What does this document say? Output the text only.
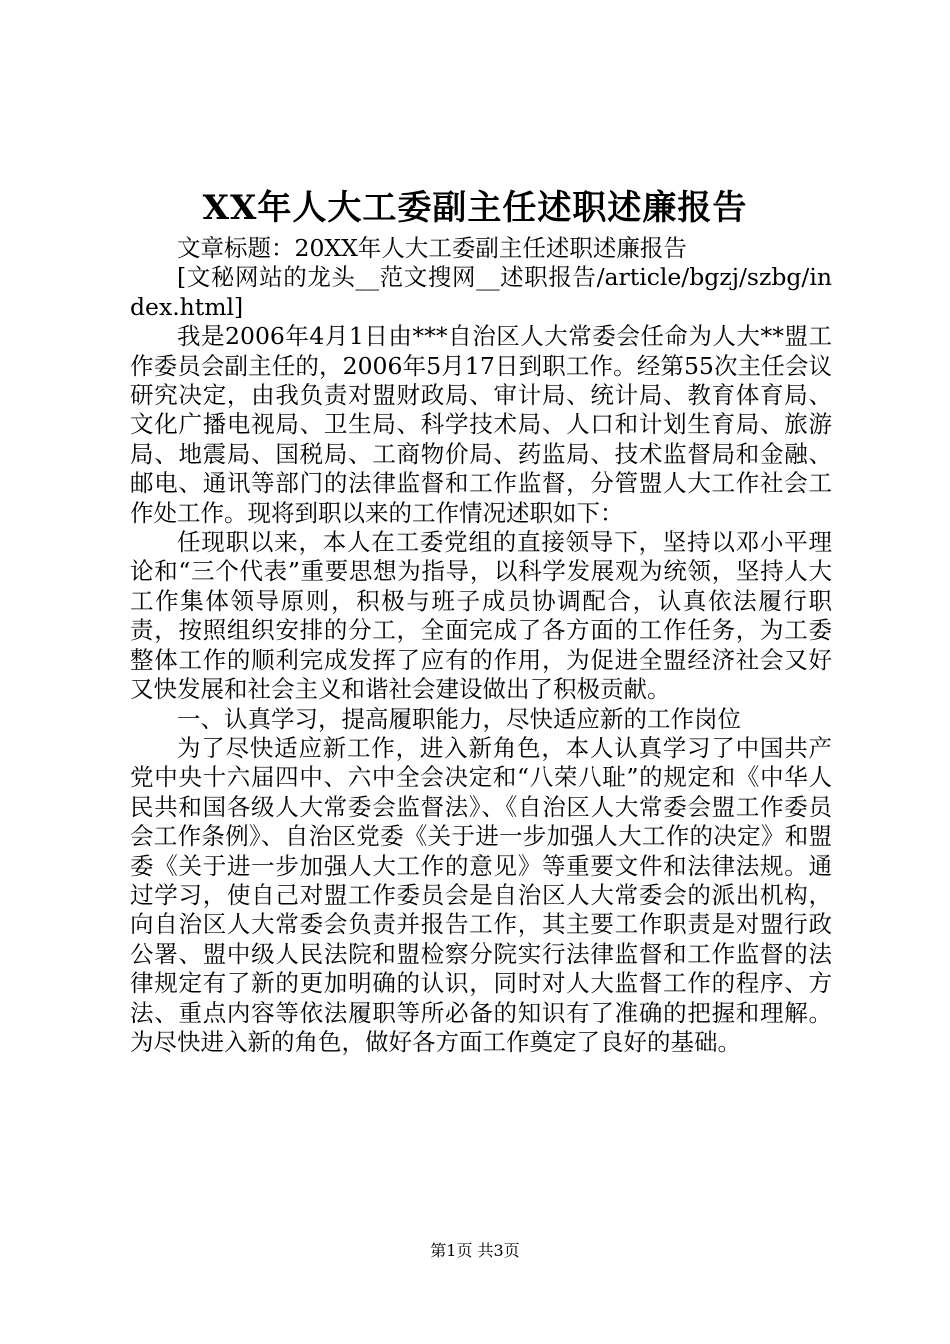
XX年人大工委副主任述职述廉报告

文章标题：20XX年人大工委副主任述职述廉报告

[文秘网站的龙头__范文搜网__述职报告/article/bgzj/szbg/index.html]

我是2006年4月1日由***自治区人大常委会任命为人大**盟工作委员会副主任的，2006年5月17日到职工作。经第55次主任会议研究决定，由我负责对盟财政局、审计局、统计局、教育体育局、文化广播电视局、卫生局、科学技术局、人口和计划生育局、旅游局、地震局、国税局、工商物价局、药监局、技术监督局和金融、邮电、通讯等部门的法律监督和工作监督，分管盟人大工作社会工作处工作。现将到职以来的工作情况述职如下：

任现职以来，本人在工委党组的直接领导下，坚持以邓小平理论和“三个代表”重要思想为指导，以科学发展观为统领，坚持人大工作集体领导原则，积极与班子成员协调配合，认真依法履行职责，按照组织安排的分工，全面完成了各方面的工作任务，为工委整体工作的顺利完成发挥了应有的作用，为促进全盟经济社会又好又快发展和社会主义和谐社会建设做出了积极贡献。

一、认真学习，提高履职能力，尽快适应新的工作岗位

为了尽快适应新工作，进入新角色，本人认真学习了中国共产党中央十六届四中、六中全会决定和“八荣八耻”的规定和《中华人民共和国各级人大常委会监督法》、《自治区人大常委会盟工作委员会工作条例》、自治区党委《关于进一步加强人大工作的决定》和盟委《关于进一步加强人大工作的意见》等重要文件和法律法规。通过学习，使自己对盟工作委员会是自治区人大常委会的派出机构，向自治区人大常委会负责并报告工作，其主要工作职责是对盟行政公署、盟中级人民法院和盟检察分院实行法律监督和工作监督的法律规定有了新的更加明确的认识，同时对人大监督工作的程序、方法、重点内容等依法履职等所必备的知识有了准确的把握和理解。为尽快进入新的角色，做好各方面工作奠定了良好的基础。

第1页 共3页
